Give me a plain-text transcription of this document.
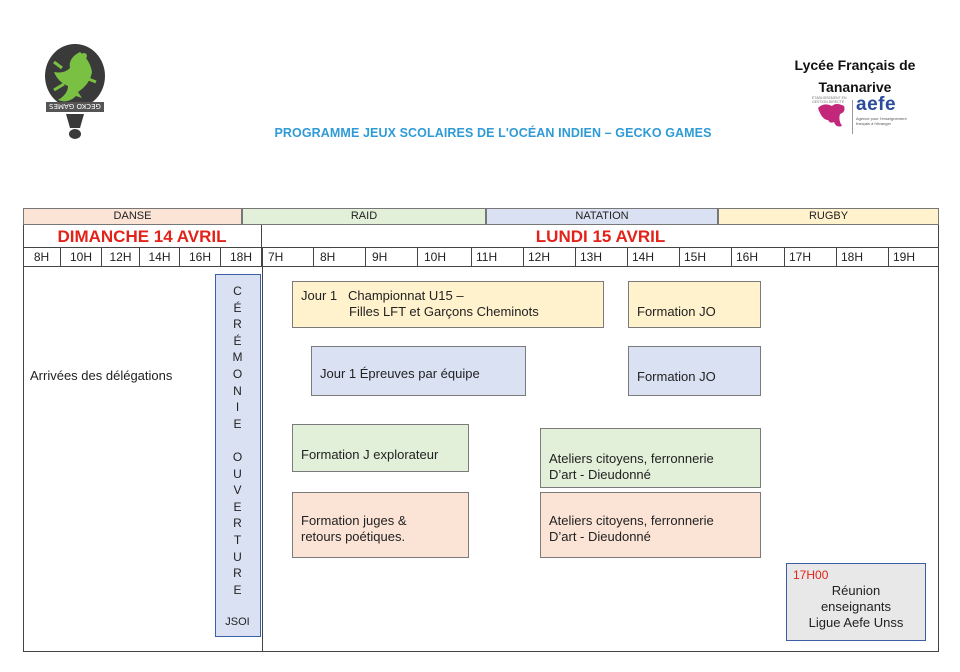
GECKO GAMES
Lycée Français de
Tananarive
aefe
Agence pour l'enseignement français à l'étranger
ÉTABLISSEMENT EN GESTION DIRECTE
PROGRAMME JEUX SCOLAIRES DE L'OCÉAN INDIEN – GECKO GAMES
DANSE	RAID	NATATION	RUGBY
DIMANCHE 14 AVRIL	LUNDI 15 AVRIL
8H	10H	12H	14H	16H	18H	7H	8H	9H	10H	11H	12H	13H	14H	15H	16H	17H	18H	19H
Arrivées des délégations
C
É
R
É
M
O
N
I
E

O
U
V
E
R
T
U
R
E
JSOI
Jour 1   Championnat U15 –
Filles LFT et Garçons Cheminots	Formation JO
Jour 1 Épreuves par équipe	Formation JO
Formation J explorateur	Ateliers citoyens, ferronnerie
D’art - Dieudonné
Formation juges &
retours poétiques.
Ateliers citoyens, ferronnerie
D’art - Dieudonné
17H00
Réunion
enseignants
Ligue Aefe Unss
